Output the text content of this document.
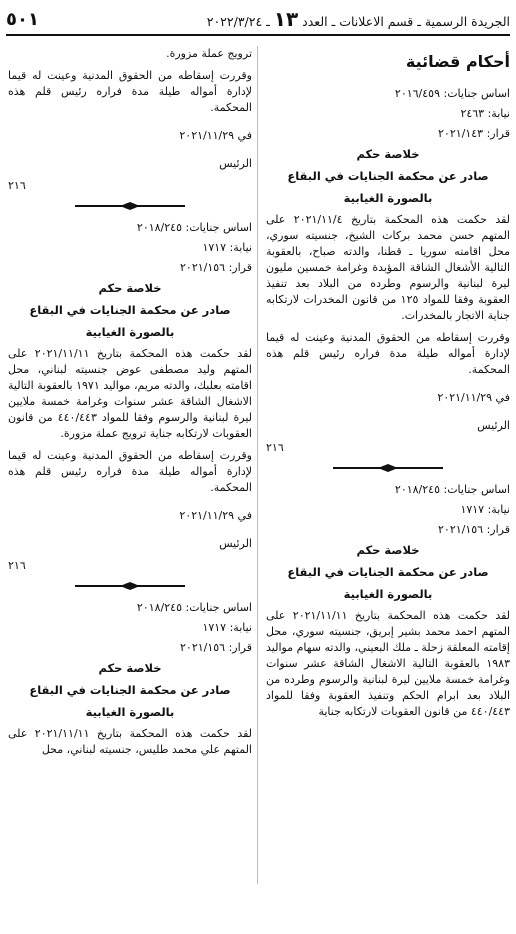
الجريدة الرسمية ـ قسم الاعلانات ـ العدد ١٣ ـ ٢٠٢٢/٣/٢٤
٥٠١
أحكام قضائية
اساس جنايات: ٢٠١٦/٤٥٩
نيابة: ٢٤٦٣
قرار: ٢٠٢١/١٤٣
خلاصة حكم
صادر عن محكمة الجنايات في البقاع
بالصورة الغيابية

لقد حكمت هذه المحكمة بتاريخ ٢٠٢١/١١/٤ على المتهم حسن محمد بركات الشيخ، جنسيته سوري، محل اقامته سوريا ـ قطنا، والدته صباح، بالعقوبة التالية الأشغال الشاقة المؤبدة وغرامة خمسين مليون ليرة لبنانية والرسوم وطرده من البلاد بعد تنفيذ العقوبة وفقا للمواد ١٢٥ من قانون المخدرات لارتكابه جناية الاتجار بالمخدرات.

وقررت إسقاطه من الحقوق المدنية وعينت له قيما لإدارة أمواله طيلة مدة فراره رئيس قلم هذه المحكمة.

في ٢٠٢١/١١/٢٩
الرئيس
٢١٦
اساس جنايات: ٢٠١٨/٢٤٥
نيابة: ١٧١٧
قرار: ٢٠٢١/١٥٦
خلاصة حكم
صادر عن محكمة الجنايات في البقاع
بالصورة الغيابية

لقد حكمت هذه المحكمة بتاريخ ٢٠٢١/١١/١١ على المتهم احمد محمد بشير إبريق، جنسيته سوري، محل إقامته المعلقة زحلة ـ ملك البعيني، والدته سهام مواليد ١٩٨٣ بالعقوبة التالية الاشغال الشاقة عشر سنوات وغرامة خمسة ملايين ليرة لبنانية والرسوم وطرده من البلاد بعد ابرام الحكم وتنفيذ العقوبة وفقا للمواد ٤٤٠/٤٤٣ من قانون العقوبات لارتكابه جناية

ترويج عملة مزورة.

وقررت إسقاطه من الحقوق المدنية وعينت له قيما لإدارة أمواله طيلة مدة فراره رئيس قلم هذه المحكمة.

في ٢٠٢١/١١/٢٩
الرئيس
٢١٦
اساس جنايات: ٢٠١٨/٢٤٥
نيابة: ١٧١٧
قرار: ٢٠٢١/١٥٦
خلاصة حكم
صادر عن محكمة الجنايات في البقاع
بالصورة الغيابية

لقد حكمت هذه المحكمة بتاريخ ٢٠٢١/١١/١١ على المتهم وليد مصطفى عوض جنسيته لبناني، محل اقامته بعلبك، والدته مريم، مواليد ١٩٧١ بالعقوبة التالية الاشغال الشاقة عشر سنوات وغرامة خمسة ملايين ليرة لبنانية والرسوم وفقا للمواد ٤٤٠/٤٤٣ من قانون العقوبات لارتكابه جناية ترويج عملة مزورة.

وقررت إسقاطه من الحقوق المدنية وعينت له قيما لإدارة أمواله طيلة مدة فراره رئيس قلم هذه المحكمة.

في ٢٠٢١/١١/٢٩
الرئيس
٢١٦
اساس جنايات: ٢٠١٨/٢٤٥
نيابة: ١٧١٧
قرار: ٢٠٢١/١٥٦
خلاصة حكم
صادر عن محكمة الجنايات في البقاع
بالصورة الغيابية

لقد حكمت هذه المحكمة بتاريخ ٢٠٢١/١١/١١ على المتهم علي محمد طليس، جنسيته لبناني، محل
